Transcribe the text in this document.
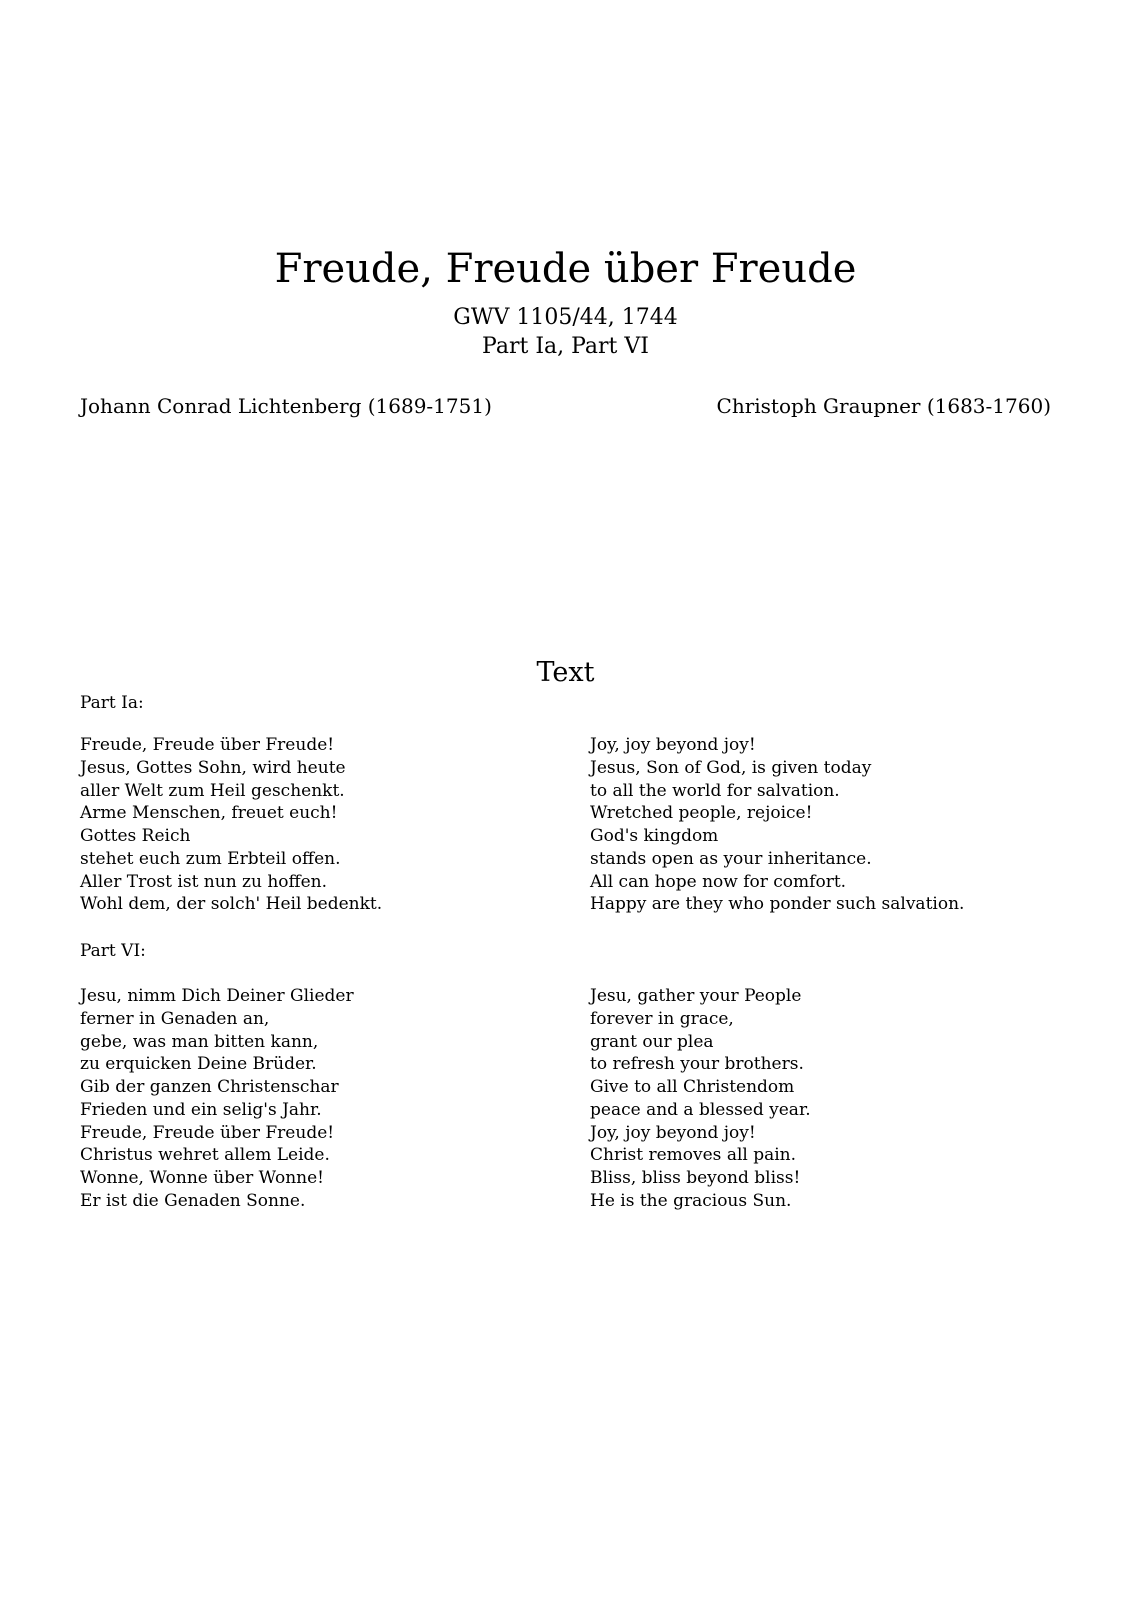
Freude, Freude über Freude
GWV 1105/44, 1744
Part Ia, Part VI
Johann Conrad Lichtenberg (1689-1751)	Christoph Graupner (1683-1760)
Text
Part Ia:
Freude, Freude über Freude!
Jesus, Gottes Sohn, wird heute
aller Welt zum Heil geschenkt.
Arme Menschen, freuet euch!
Gottes Reich
stehet euch zum Erbteil offen.
Aller Trost ist nun zu hoffen.
Wohl dem, der solch' Heil bedenkt.
Joy, joy beyond joy!
Jesus, Son of God, is given today
to all the world for salvation.
Wretched people, rejoice!
God's kingdom
stands open as your inheritance.
All can hope now for comfort.
Happy are they who ponder such salvation.
Part VI:
Jesu, nimm Dich Deiner Glieder
ferner in Genaden an,
gebe, was man bitten kann,
zu erquicken Deine Brüder.
Gib der ganzen Christenschar
Frieden und ein selig's Jahr.
Freude, Freude über Freude!
Christus wehret allem Leide.
Wonne, Wonne über Wonne!
Er ist die Genaden Sonne.
Jesu, gather your People
forever in grace,
grant our plea
to refresh your brothers.
Give to all Christendom
peace and a blessed year.
Joy, joy beyond joy!
Christ removes all pain.
Bliss, bliss beyond bliss!
He is the gracious Sun.
